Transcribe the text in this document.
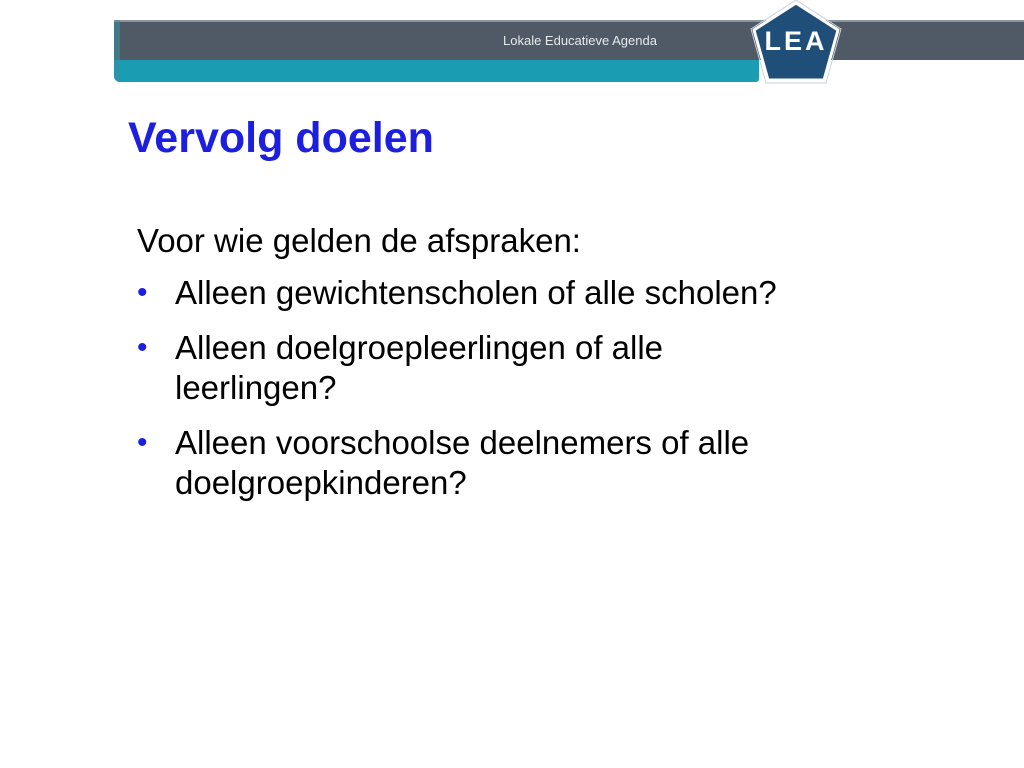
Lokale Educatieve Agenda	LEA
Vervolg doelen
Voor wie gelden de afspraken:
• Alleen gewichtenscholen of alle scholen?
• Alleen doelgroepleerlingen of alle leerlingen?
• Alleen voorschoolse deelnemers of alle doelgroepkinderen?
